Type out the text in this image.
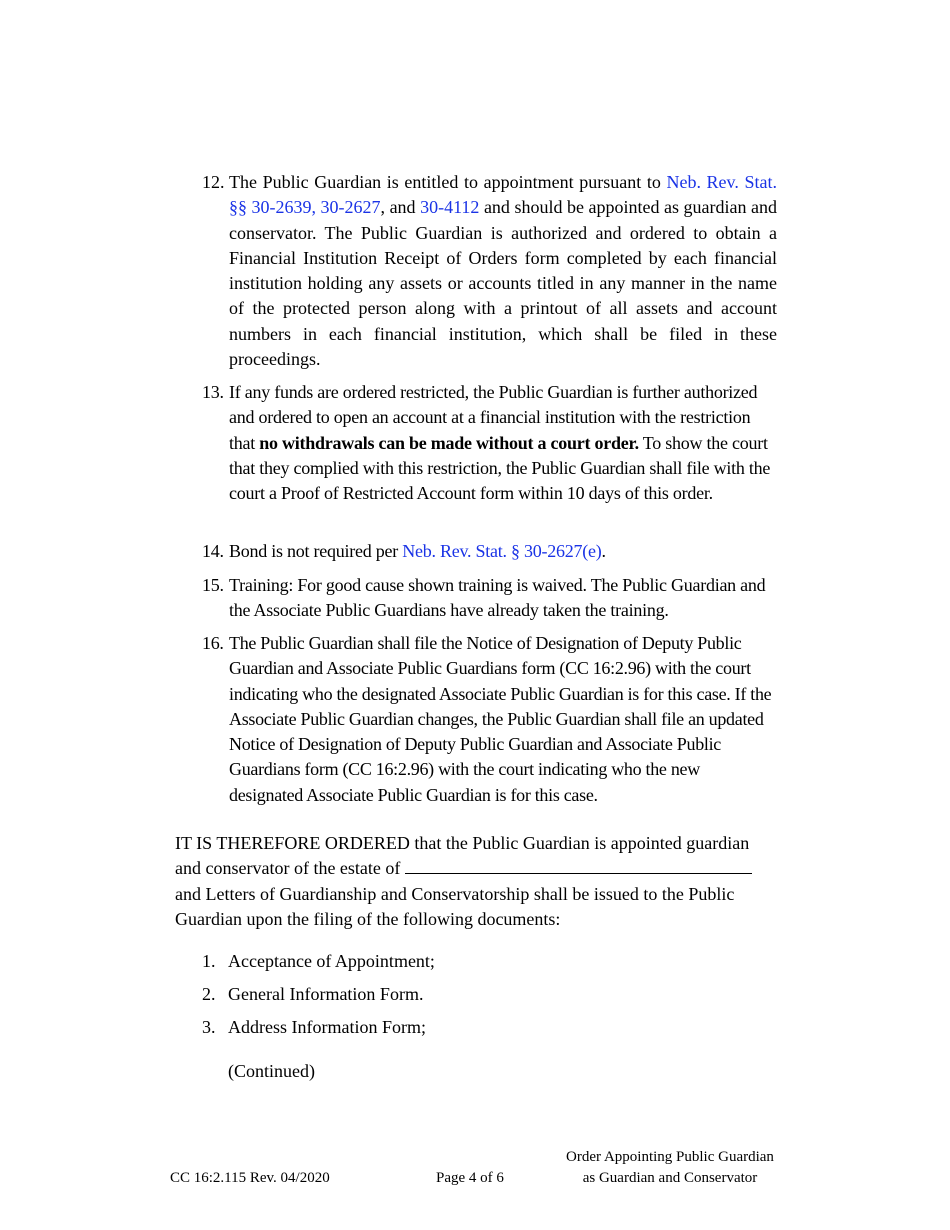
12. The Public Guardian is entitled to appointment pursuant to Neb. Rev. Stat. §§ 30-2639, 30-2627, and 30-4112 and should be appointed as guardian and conservator. The Public Guardian is authorized and ordered to obtain a Financial Institution Receipt of Orders form completed by each financial institution holding any assets or accounts titled in any manner in the name of the protected person along with a printout of all assets and account numbers in each financial institution, which shall be filed in these proceedings.
13. If any funds are ordered restricted, the Public Guardian is further authorized and ordered to open an account at a financial institution with the restriction that no withdrawals can be made without a court order. To show the court that they complied with this restriction, the Public Guardian shall file with the court a Proof of Restricted Account form within 10 days of this order.
14. Bond is not required per Neb. Rev. Stat. § 30-2627(e).
15. Training: For good cause shown training is waived. The Public Guardian and the Associate Public Guardians have already taken the training.
16. The Public Guardian shall file the Notice of Designation of Deputy Public Guardian and Associate Public Guardians form (CC 16:2.96) with the court indicating who the designated Associate Public Guardian is for this case. If the Associate Public Guardian changes, the Public Guardian shall file an updated Notice of Designation of Deputy Public Guardian and Associate Public Guardians form (CC 16:2.96) with the court indicating who the new designated Associate Public Guardian is for this case.
IT IS THEREFORE ORDERED that the Public Guardian is appointed guardian and conservator of the estate of
and Letters of Guardianship and Conservatorship shall be issued to the Public Guardian upon the filing of the following documents:
1. Acceptance of Appointment;
2. General Information Form.
3. Address Information Form;
(Continued)
CC 16:2.115 Rev. 04/2020	Page 4 of 6
Order Appointing Public Guardian
as Guardian and Conservator
